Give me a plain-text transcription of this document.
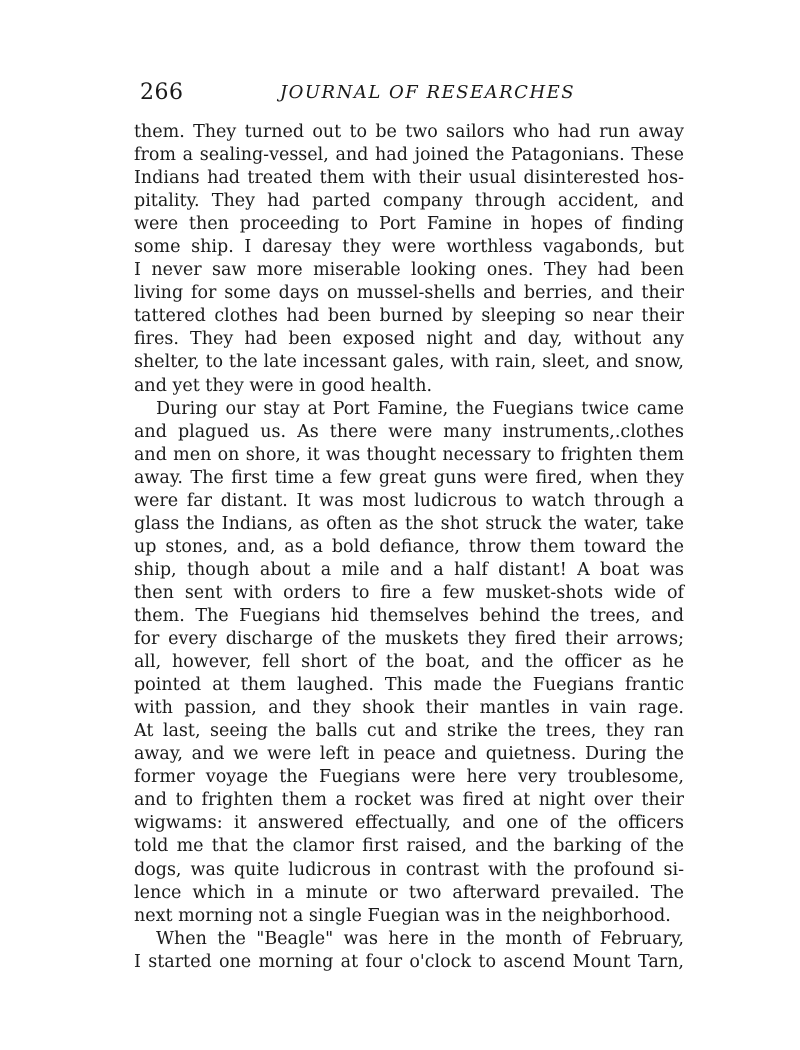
266	JOURNAL OF RESEARCHES
them. They turned out to be two sailors who had run away
from a sealing-vessel, and had joined the Patagonians. These
Indians had treated them with their usual disinterested hos-
pitality. They had parted company through accident, and
were then proceeding to Port Famine in hopes of finding
some ship. I daresay they were worthless vagabonds, but
I never saw more miserable looking ones. They had been
living for some days on mussel-shells and berries, and their
tattered clothes had been burned by sleeping so near their
fires. They had been exposed night and day, without any
shelter, to the late incessant gales, with rain, sleet, and snow,
and yet they were in good health.
During our stay at Port Famine, the Fuegians twice came
and plagued us. As there were many instruments,.clothes
and men on shore, it was thought necessary to frighten them
away. The first time a few great guns were fired, when they
were far distant. It was most ludicrous to watch through a
glass the Indians, as often as the shot struck the water, take
up stones, and, as a bold defiance, throw them toward the
ship, though about a mile and a half distant! A boat was
then sent with orders to fire a few musket-shots wide of
them. The Fuegians hid themselves behind the trees, and
for every discharge of the muskets they fired their arrows;
all, however, fell short of the boat, and the officer as he
pointed at them laughed. This made the Fuegians frantic
with passion, and they shook their mantles in vain rage.
At last, seeing the balls cut and strike the trees, they ran
away, and we were left in peace and quietness. During the
former voyage the Fuegians were here very troublesome,
and to frighten them a rocket was fired at night over their
wigwams: it answered effectually, and one of the officers
told me that the clamor first raised, and the barking of the
dogs, was quite ludicrous in contrast with the profound si-
lence which in a minute or two afterward prevailed. The
next morning not a single Fuegian was in the neighborhood.
When the "Beagle" was here in the month of February,
I started one morning at four o'clock to ascend Mount Tarn,
